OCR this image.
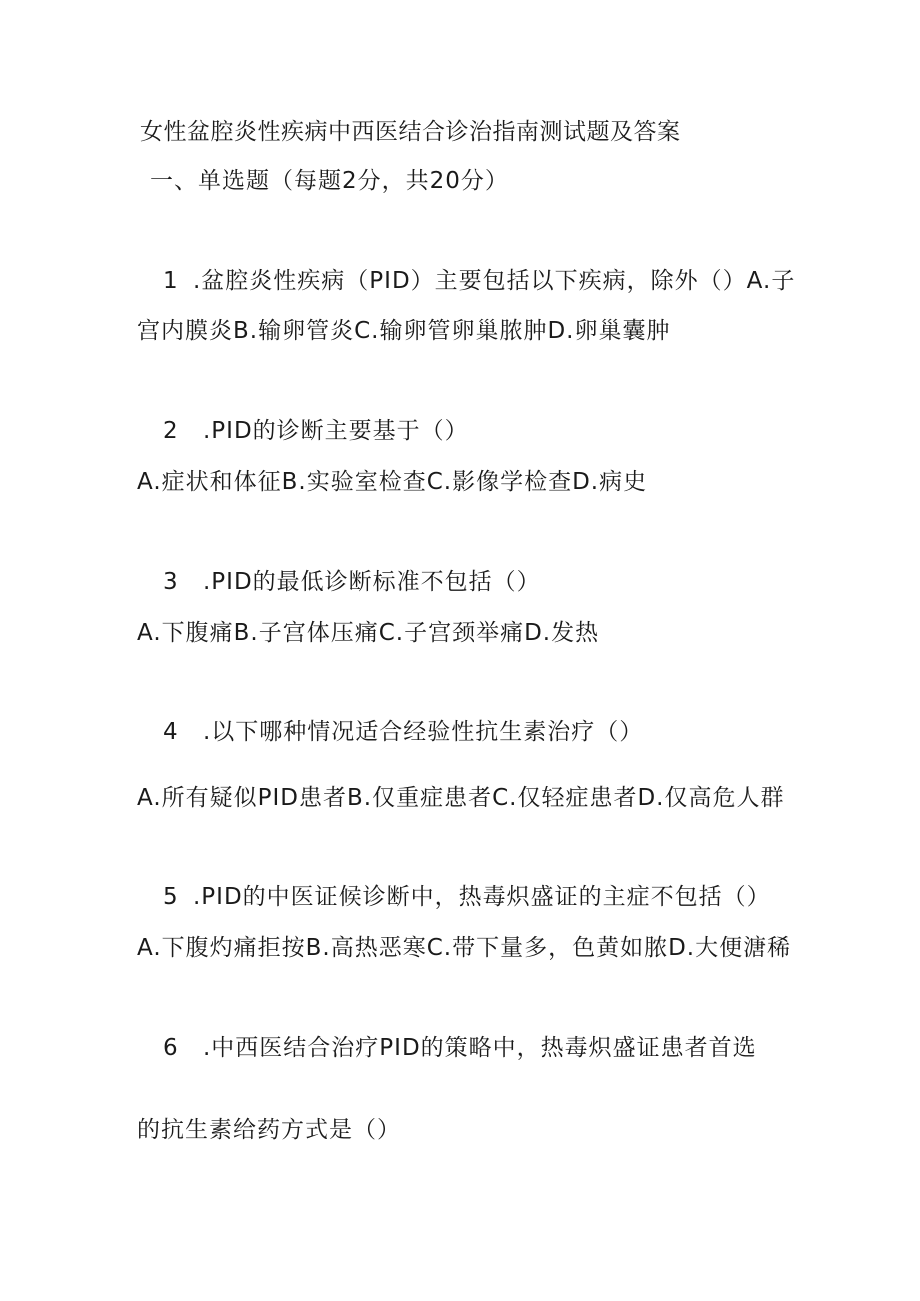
女性盆腔炎性疾病中西医结合诊治指南测试题及答案
一、单选题（每题2分，共20分）
1 .盆腔炎性疾病（PID）主要包括以下疾病，除外（）A.子
宫内膜炎B.输卵管炎C.输卵管卵巢脓肿D.卵巢囊肿
2 .PID的诊断主要基于（）
A.症状和体征B.实验室检查C.影像学检查D.病史
3 .PID的最低诊断标准不包括（）
A.下腹痛B.子宫体压痛C.子宫颈举痛D.发热
4 .以下哪种情况适合经验性抗生素治疗（）
A.所有疑似PID患者B.仅重症患者C.仅轻症患者D.仅高危人群
5 .PID的中医证候诊断中，热毒炽盛证的主症不包括（）
A.下腹灼痛拒按B.高热恶寒C.带下量多，色黄如脓D.大便溏稀
6 .中西医结合治疗PID的策略中，热毒炽盛证患者首选
的抗生素给药方式是（）
